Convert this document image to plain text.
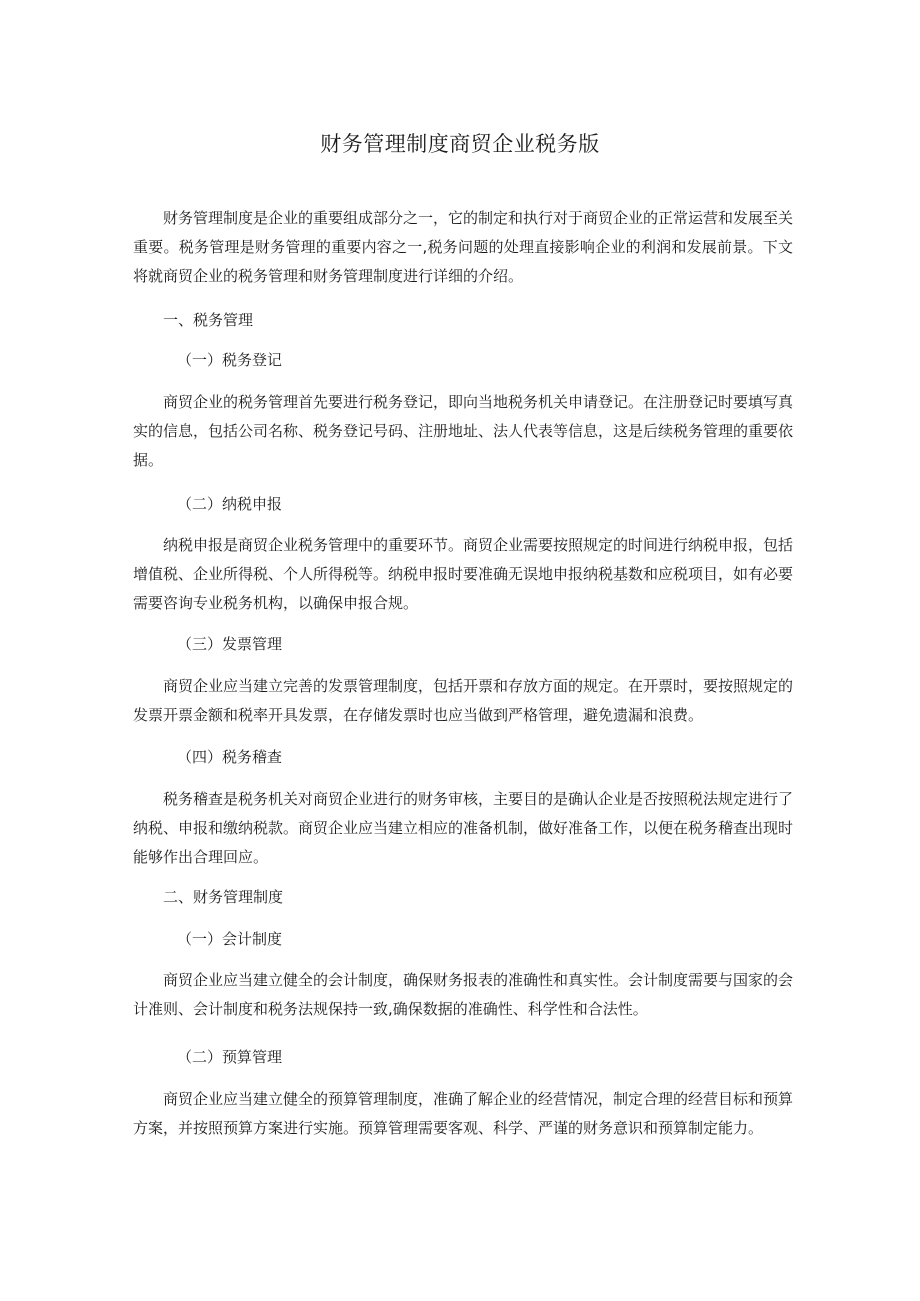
财务管理制度商贸企业税务版

财务管理制度是企业的重要组成部分之一，它的制定和执行对于商贸企业的正常运营和发展至关重要。税务管理是财务管理的重要内容之一,税务问题的处理直接影响企业的利润和发展前景。下文将就商贸企业的税务管理和财务管理制度进行详细的介绍。

一、税务管理

（一）税务登记

商贸企业的税务管理首先要进行税务登记，即向当地税务机关申请登记。在注册登记时要填写真实的信息，包括公司名称、税务登记号码、注册地址、法人代表等信息，这是后续税务管理的重要依据。

（二）纳税申报

纳税申报是商贸企业税务管理中的重要环节。商贸企业需要按照规定的时间进行纳税申报，包括增值税、企业所得税、个人所得税等。纳税申报时要准确无误地申报纳税基数和应税项目，如有必要需要咨询专业税务机构，以确保申报合规。

（三）发票管理

商贸企业应当建立完善的发票管理制度，包括开票和存放方面的规定。在开票时，要按照规定的发票开票金额和税率开具发票，在存储发票时也应当做到严格管理，避免遗漏和浪费。

（四）税务稽查

税务稽查是税务机关对商贸企业进行的财务审核，主要目的是确认企业是否按照税法规定进行了纳税、申报和缴纳税款。商贸企业应当建立相应的准备机制，做好准备工作，以便在税务稽查出现时能够作出合理回应。

二、财务管理制度

（一）会计制度

商贸企业应当建立健全的会计制度，确保财务报表的准确性和真实性。会计制度需要与国家的会计准则、会计制度和税务法规保持一致,确保数据的准确性、科学性和合法性。

（二）预算管理

商贸企业应当建立健全的预算管理制度，准确了解企业的经营情况，制定合理的经营目标和预算方案，并按照预算方案进行实施。预算管理需要客观、科学、严谨的财务意识和预算制定能力。
